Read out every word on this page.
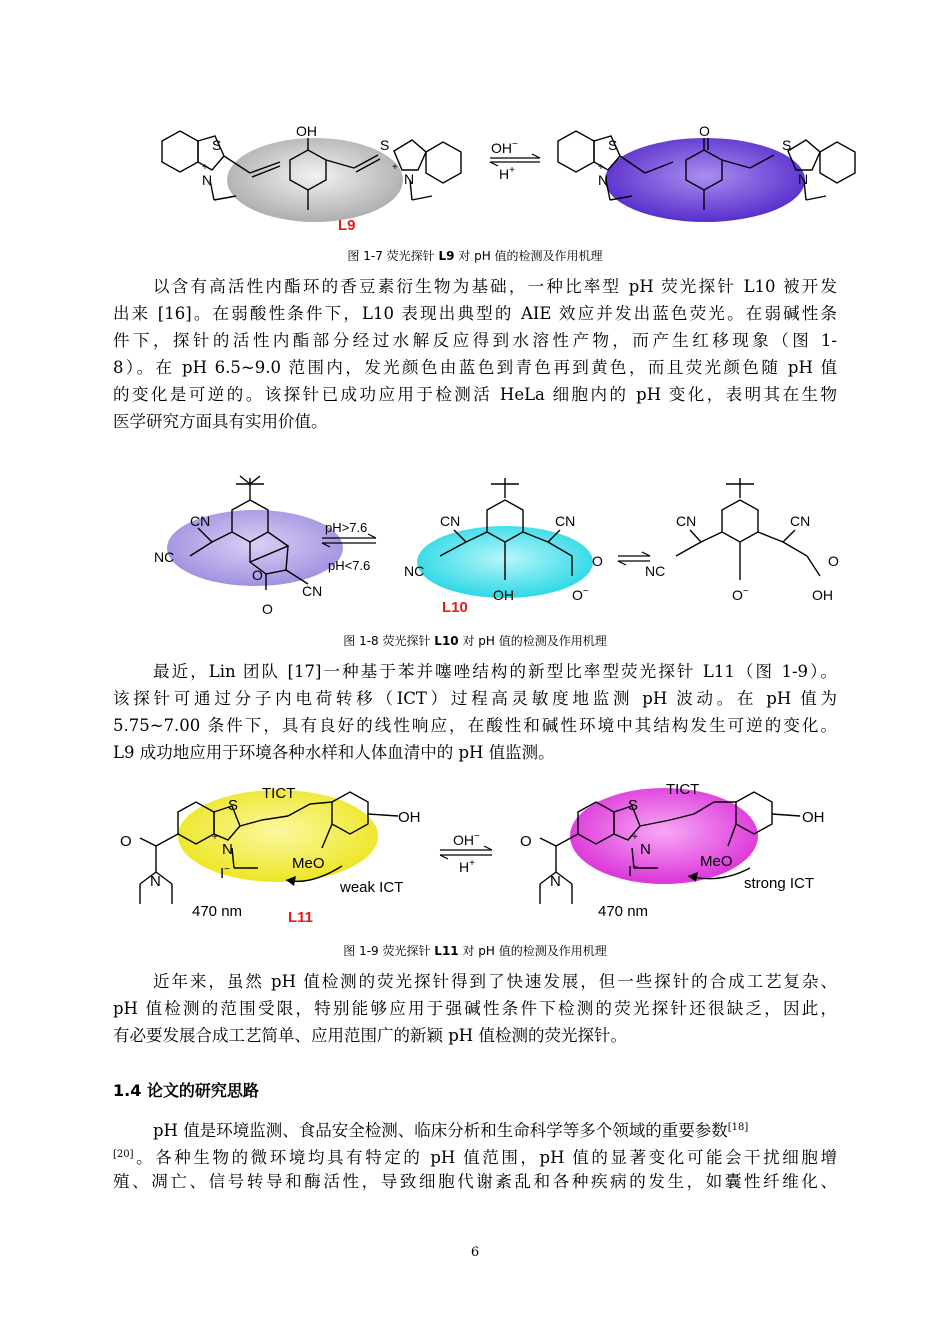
S
N
+
OH
S
N
+
L9
OH−
H+
S
N
+
O
S
N
图 1-7 荧光探针 L9 对 pH 值的检测及作用机理
以含有高活性内酯环的香豆素衍生物为基础，一种比率型 pH 荧光探针 L10 被开发
出来 [16]。在弱酸性条件下，L10 表现出典型的 AIE 效应并发出蓝色荧光。在弱碱性条
件下，探针的活性内酯部分经过水解反应得到水溶性产物，而产生红移现象（图 1-
8）。在 pH 6.5~9.0 范围内，发光颜色由蓝色到青色再到黄色，而且荧光颜色随 pH 值
的变化是可逆的。该探针已成功应用于检测活 HeLa 细胞内的 pH 变化，表明其在生物
医学研究方面具有实用价值。
CN
NC
O
O
CN
pH>7.6
pH<7.6
CN
NC
OH
CN
O
O−
L10
CN
NC
O−
CN
O
OH
图 1-8 荧光探针 L10 对 pH 值的检测及作用机理
最近，Lin 团队 [17]一种基于苯并噻唑结构的新型比率型荧光探针 L11（图 1-9）。
该探针可通过分子内电荷转移（ICT）过程高灵敏度地监测 pH 波动。在 pH 值为
5.75~7.00 条件下，具有良好的线性响应，在酸性和碱性环境中其结构发生可逆的变化。
L9 成功地应用于环境各种水样和人体血清中的 pH 值监测。
O
N
S
N
+
I−
TICT
OH
MeO
weak ICT
470 nm	L11
OH−
H+
O
N
S
N
+
I−
TICT
OH
MeO
strong ICT
470 nm
图 1-9 荧光探针 L11 对 pH 值的检测及作用机理
近年来，虽然 pH 值检测的荧光探针得到了快速发展，但一些探针的合成工艺复杂、
pH 值检测的范围受限，特别能够应用于强碱性条件下检测的荧光探针还很缺乏，因此，
有必要发展合成工艺简单、应用范围广的新颖 pH 值检测的荧光探针。
1.4 论文的研究思路
pH 值是环境监测、食品安全检测、临床分析和生命科学等多个领域的重要参数[18]
[20]。各种生物的微环境均具有特定的 pH 值范围，pH 值的显著变化可能会干扰细胞增
殖、凋亡、信号转导和酶活性，导致细胞代谢紊乱和各种疾病的发生，如囊性纤维化、
6
